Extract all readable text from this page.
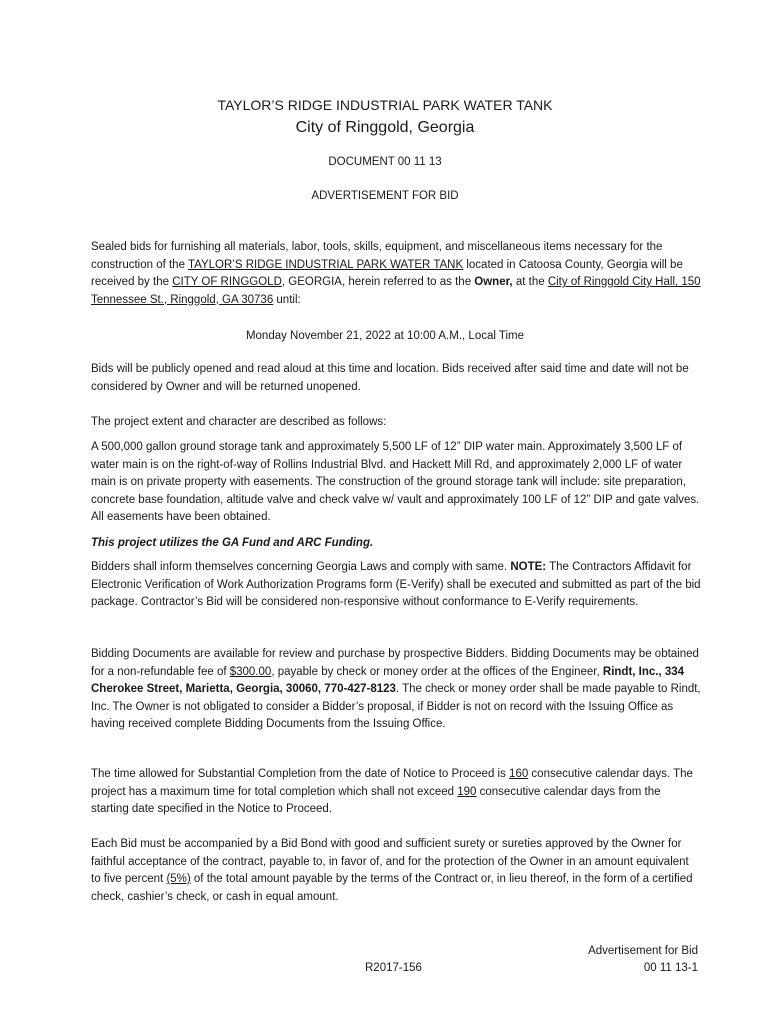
TAYLOR’S RIDGE INDUSTRIAL PARK WATER TANK
City of Ringgold, Georgia
DOCUMENT 00 11 13
ADVERTISEMENT FOR BID

Sealed bids for furnishing all materials, labor, tools, skills, equipment, and miscellaneous items necessary for the construction of the TAYLOR’S RIDGE INDUSTRIAL PARK WATER TANK located in Catoosa County, Georgia will be received by the CITY OF RINGGOLD, GEORGIA, herein referred to as the Owner, at the City of Ringgold City Hall, 150 Tennessee St., Ringgold, GA 30736 until:

Monday November 21, 2022 at 10:00 A.M., Local Time

Bids will be publicly opened and read aloud at this time and location. Bids received after said time and date will not be considered by Owner and will be returned unopened.

The project extent and character are described as follows:

A 500,000 gallon ground storage tank and approximately 5,500 LF of 12” DIP water main. Approximately 3,500 LF of water main is on the right-of-way of Rollins Industrial Blvd. and Hackett Mill Rd, and approximately 2,000 LF of water main is on private property with easements. The construction of the ground storage tank will include: site preparation, concrete base foundation, altitude valve and check valve w/ vault and approximately 100 LF of 12” DIP and gate valves. All easements have been obtained.

This project utilizes the GA Fund and ARC Funding.

Bidders shall inform themselves concerning Georgia Laws and comply with same. NOTE: The Contractors Affidavit for Electronic Verification of Work Authorization Programs form (E-Verify) shall be executed and submitted as part of the bid package. Contractor’s Bid will be considered non-responsive without conformance to E-Verify requirements.

Bidding Documents are available for review and purchase by prospective Bidders. Bidding Documents may be obtained for a non-refundable fee of $300.00, payable by check or money order at the offices of the Engineer, Rindt, Inc., 334 Cherokee Street, Marietta, Georgia, 30060, 770-427-8123. The check or money order shall be made payable to Rindt, Inc. The Owner is not obligated to consider a Bidder’s proposal, if Bidder is not on record with the Issuing Office as having received complete Bidding Documents from the Issuing Office.

The time allowed for Substantial Completion from the date of Notice to Proceed is 160 consecutive calendar days. The project has a maximum time for total completion which shall not exceed 190 consecutive calendar days from the starting date specified in the Notice to Proceed.

Each Bid must be accompanied by a Bid Bond with good and sufficient surety or sureties approved by the Owner for faithful acceptance of the contract, payable to, in favor of, and for the protection of the Owner in an amount equivalent to five percent (5%) of the total amount payable by the terms of the Contract or, in lieu thereof, in the form of a certified check, cashier’s check, or cash in equal amount.

R2017-156
Advertisement for Bid
00 11 13-1
